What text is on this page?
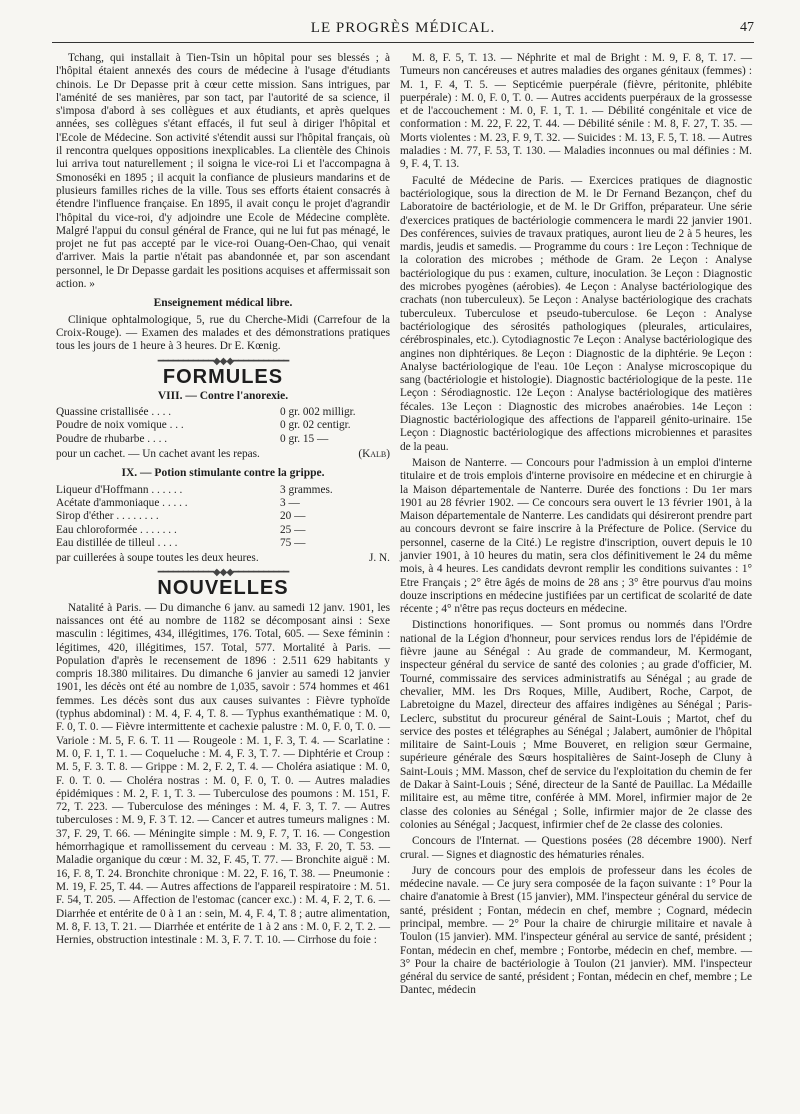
LE PROGRÈS MÉDICAL.	47

Tchang, qui installait à Tien-Tsin un hôpital pour ses blessés ; à l'hôpital étaient annexés des cours de médecine à l'usage d'étudiants chinois. Le Dr Depasse prit à cœur cette mission. Sans intrigues, par l'aménité de ses manières, par son tact, par l'autorité de sa science, il s'imposa d'abord à ses collègues et aux étudiants, et après quelques années, ses collègues s'étant effacés, il fut seul à diriger l'hôpital et l'Ecole de Médecine. Son activité s'étendit aussi sur l'hôpital français, où il rencontra quelques oppositions inexplicables. La clientèle des Chinois lui arriva tout naturellement ; il soigna le vice-roi Li et l'accompagna à Smonoséki en 1895 ; il acquit la confiance de plusieurs mandarins et de plusieurs familles riches de la ville. Tous ses efforts étaient consacrés à étendre l'influence française. En 1895, il avait conçu le projet d'agrandir l'hôpital du vice-roi, d'y adjoindre une Ecole de Médecine complète. Malgré l'appui du consul général de France, qui ne lui fut pas ménagé, le projet ne fut pas accepté par le vice-roi Ouang-Oen-Chao, qui venait d'arriver. Mais la partie n'était pas abandonnée et, par son ascendant personnel, le Dr Depasse gardait les positions acquises et affermissait son action. »

Enseignement médical libre.

Clinique ophtalmologique, 5, rue du Cherche-Midi (Carrefour de la Croix-Rouge). — Examen des malades et des démonstrations pratiques tous les jours de 1 heure à 3 heures. Dr E. Kœnig.

━━━━━━━━━━━◆◆◆━━━━━━━━━━━
FORMULES
VIII. — Contre l'anorexie.
Quassine cristallisée . . . .	0 gr. 002 milligr.
Poudre de noix vomique . . .	0 gr. 02 centigr.
Poudre de rhubarbe . . . .	0 gr. 15 —
pour un cachet. — Un cachet avant les repas.	(Kalb)
IX. — Potion stimulante contre la grippe.
Liqueur d'Hoffmann . . . . . .	3 grammes.
Acétate d'ammoniaque . . . . .	3 —
Sirop d'éther . . . . . . . .	20 —
Eau chloroformée . . . . . . .	25 —
Eau distillée de tilleul . . . .	75 —
par cuillerées à soupe toutes les deux heures.	J. N.
━━━━━━━━━━━◆◆◆━━━━━━━━━━━
NOUVELLES

Natalité à Paris. — Du dimanche 6 janv. au samedi 12 janv. 1901, les naissances ont été au nombre de 1182 se décomposant ainsi : Sexe masculin : légitimes, 434, illégitimes, 176. Total, 605. — Sexe féminin : légitimes, 420, illégitimes, 157. Total, 577. Mortalité à Paris. — Population d'après le recensement de 1896 : 2.511 629 habitants y compris 18.380 militaires. Du dimanche 6 janvier au samedi 12 janvier 1901, les décès ont été au nombre de 1,035, savoir : 574 hommes et 461 femmes. Les décès sont dus aux causes suivantes : Fièvre typhoïde (typhus abdominal) : M. 4, F. 4, T. 8. — Typhus exanthématique : M. 0, F. 0, T. 0. — Fièvre intermittente et cachexie palustre : M. 0, F. 0, T. 0. — Variole : M. 5, F. 6. T. 11 — Rougeole : M. 1, F. 3, T. 4. — Scarlatine : M. 0, F. 1, T. 1. — Coqueluche : M. 4, F. 3, T. 7. — Diphtérie et Croup : M. 5, F. 3. T. 8. — Grippe : M. 2, F. 2, T. 4. — Choléra asiatique : M. 0, F. 0. T. 0. — Choléra nostras : M. 0, F. 0, T. 0. — Autres maladies épidémiques : M. 2, F. 1, T. 3. — Tuberculose des poumons : M. 151, F. 72, T. 223. — Tuberculose des méninges : M. 4, F. 3, T. 7. — Autres tuberculoses : M. 9, F. 3 T. 12. — Cancer et autres tumeurs malignes : M. 37, F. 29, T. 66. — Méningite simple : M. 9, F. 7, T. 16. — Congestion hémorrhagique et ramollissement du cerveau : M. 33, F. 20, T. 53. — Maladie organique du cœur : M. 32, F. 45, T. 77. — Bronchite aiguë : M. 16, F. 8, T. 24. Bronchite chronique : M. 22, F. 16, T. 38. — Pneumonie : M. 19, F. 25, T. 44. — Autres affections de l'appareil respiratoire : M. 51. F. 54, T. 205. — Affection de l'estomac (cancer exc.) : M. 4, F. 2, T. 6. — Diarrhée et entérite de 0 à 1 an : sein, M. 4, F. 4, T. 8 ; autre alimentation, M. 8, F. 13, T. 21. — Diarrhée et entérite de 1 à 2 ans : M. 0, F. 2, T. 2. — Hernies, obstruction intestinale : M. 3, F. 7. T. 10. — Cirrhose du foie :

M. 8, F. 5, T. 13. — Néphrite et mal de Bright : M. 9, F. 8, T. 17. — Tumeurs non cancéreuses et autres maladies des organes génitaux (femmes) : M. 1, F. 4, T. 5. — Septicémie puerpérale (fièvre, péritonite, phlébite puerpérale) : M. 0, F. 0, T. 0. — Autres accidents puerpéraux de la grossesse et de l'accouchement : M. 0, F. 1, T. 1. — Débilité congénitale et vice de conformation : M. 22, F. 22, T. 44. — Débilité sénile : M. 8, F. 27, T. 35. — Morts violentes : M. 23, F. 9, T. 32. — Suicides : M. 13, F. 5, T. 18. — Autres maladies : M. 77, F. 53, T. 130. — Maladies inconnues ou mal définies : M. 9, F. 4, T. 13.

Faculté de Médecine de Paris. — Exercices pratiques de diagnostic bactériologique, sous la direction de M. le Dr Fernand Bezançon, chef du Laboratoire de bactériologie, et de M. le Dr Griffon, préparateur. Une série d'exercices pratiques de bactériologie commencera le mardi 22 janvier 1901. Des conférences, suivies de travaux pratiques, auront lieu de 2 à 5 heures, les mardis, jeudis et samedis. — Programme du cours : 1re Leçon : Technique de la coloration des microbes ; méthode de Gram. 2e Leçon : Analyse bactériologique du pus : examen, culture, inoculation. 3e Leçon : Diagnostic des microbes pyogènes (aérobies). 4e Leçon : Analyse bactériologique des crachats (non tuberculeux). 5e Leçon : Analyse bactériologique des crachats tuberculeux. Tuberculose et pseudo-tuberculose. 6e Leçon : Analyse bactériologique des sérosités pathologiques (pleurales, articulaires, cérébrospinales, etc.). Cytodiagnostic 7e Leçon : Analyse bactériologique des angines non diphtériques. 8e Leçon : Diagnostic de la diphtérie. 9e Leçon : Analyse bactériologique de l'eau. 10e Leçon : Analyse microscopique du sang (bactériologie et histologie). Diagnostic bactériologique de la peste. 11e Leçon : Sérodiagnostic. 12e Leçon : Analyse bactériologique des matières fécales. 13e Leçon : Diagnostic des microbes anaérobies. 14e Leçon : Diagnostic bactériologique des affections de l'appareil génito-urinaire. 15e Leçon : Diagnostic bactériologique des affections microbiennes et parasites de la peau.

Maison de Nanterre. — Concours pour l'admission à un emploi d'interne titulaire et de trois emplois d'interne provisoire en médecine et en chirurgie à la Maison départementale de Nanterre. Durée des fonctions : Du 1er mars 1901 au 28 février 1902. — Ce concours sera ouvert le 13 février 1901, à la Maison départementale de Nanterre. Les candidats qui désireront prendre part au concours devront se faire inscrire à la Préfecture de Police. (Service du personnel, caserne de la Cité.) Le registre d'inscription, ouvert depuis le 10 janvier 1901, à 10 heures du matin, sera clos définitivement le 24 du même mois, à 4 heures. Les candidats devront remplir les conditions suivantes : 1° Etre Français ; 2° être âgés de moins de 28 ans ; 3° être pourvus d'au moins douze inscriptions en médecine justifiées par un certificat de scolarité de date récente ; 4° n'être pas reçus docteurs en médecine.

Distinctions honorifiques. — Sont promus ou nommés dans l'Ordre national de la Légion d'honneur, pour services rendus lors de l'épidémie de fièvre jaune au Sénégal : Au grade de commandeur, M. Kermogant, inspecteur général du service de santé des colonies ; au grade d'officier, M. Tourné, commissaire des services administratifs au Sénégal ; au grade de chevalier, MM. les Drs Roques, Mille, Audibert, Roche, Carpot, de Labretoigne du Mazel, directeur des affaires indigènes au Sénégal ; Paris-Leclerc, substitut du procureur général de Saint-Louis ; Martot, chef du service des postes et télégraphes au Sénégal ; Jalabert, aumônier de l'hôpital militaire de Saint-Louis ; Mme Bouveret, en religion sœur Germaine, supérieure générale des Sœurs hospitalières de Saint-Joseph de Cluny à Saint-Louis ; MM. Masson, chef de service du l'exploitation du chemin de fer de Dakar à Saint-Louis ; Séné, directeur de la Santé de Pauillac. La Médaille militaire est, au même titre, conférée à MM. Morel, infirmier major de 2e classe des colonies au Sénégal ; Solle, infirmier major de 2e classe des colonies au Sénégal ; Jacquest, infirmier chef de 2e classe des colonies.

Concours de l'Internat. — Questions posées (28 décembre 1900). Nerf crural. — Signes et diagnostic des hématuries rénales.

Jury de concours pour des emplois de professeur dans les écoles de médecine navale. — Ce jury sera composée de la façon suivante : 1° Pour la chaire d'anatomie à Brest (15 janvier), MM. l'inspecteur général du service de santé, président ; Fontan, médecin en chef, membre ; Cognard, médecin principal, membre. — 2° Pour la chaire de chirurgie militaire et navale à Toulon (15 janvier). MM. l'inspecteur général au service de santé, président ; Fontan, médecin en chef, membre ; Fontorbe, médecin en chef, membre. — 3° Pour la chaire de bactériologie à Toulon (21 janvier). MM. l'inspecteur général du service de santé, président ; Fontan, médecin en chef, membre ; Le Dantec, médecin
